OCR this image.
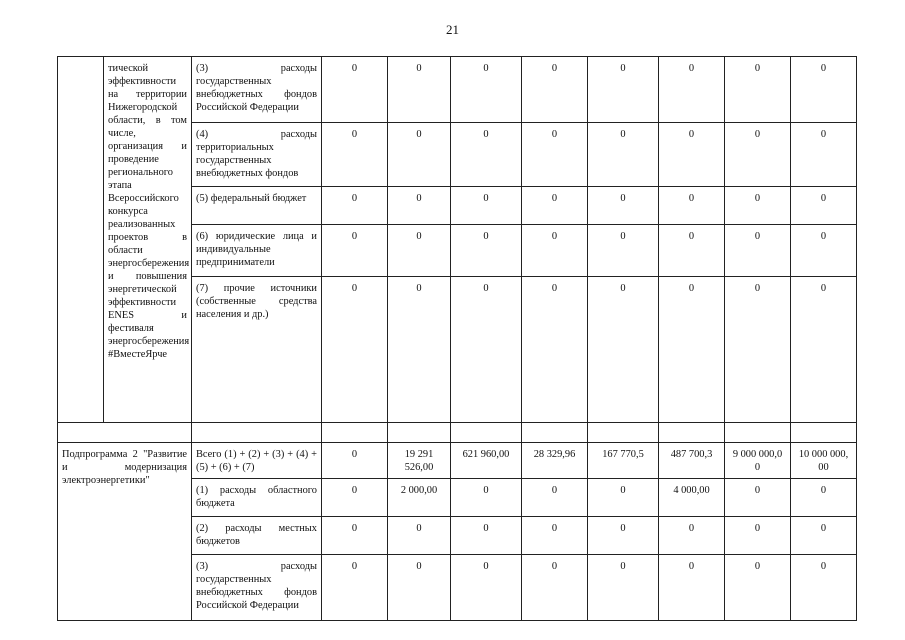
21
	тической эффективности на территории Нижегородской области, в том числе, организация и проведение регионального этапа Всероссийского конкурса реализованных проектов в области энергосбережения и повышения энергетической эффективности ENES и фестиваля энергосбережения #ВместеЯрче	(3) расходы государственных внебюджетных фондов Российской Федерации	0	0	0	0	0	0	0	0
		(4) расходы территориальных государственных внебюджетных фондов	0	0	0	0	0	0	0	0
		(5) федеральный бюджет	0	0	0	0	0	0	0	0
		(6) юридические лица и индивидуальные предприниматели	0	0	0	0	0	0	0	0
		(7) прочие источники (собственные средства населения и др.)	0	0	0	0	0	0	0	0

Подпрограмма 2 "Развитие и модернизация электроэнергетики"		Всего (1) + (2) + (3) + (4) + (5) + (6) + (7)	0	19 291 526,00	621 960,00	28 329,96	167 770,5	487 700,3	9 000 000,0 0	10 000 000, 00
		(1) расходы областного бюджета	0	2 000,00	0	0	0	4 000,00	0	0
		(2) расходы местных бюджетов	0	0	0	0	0	0	0	0
		(3) расходы государственных внебюджетных фондов Российской Федерации	0	0	0	0	0	0	0	0
